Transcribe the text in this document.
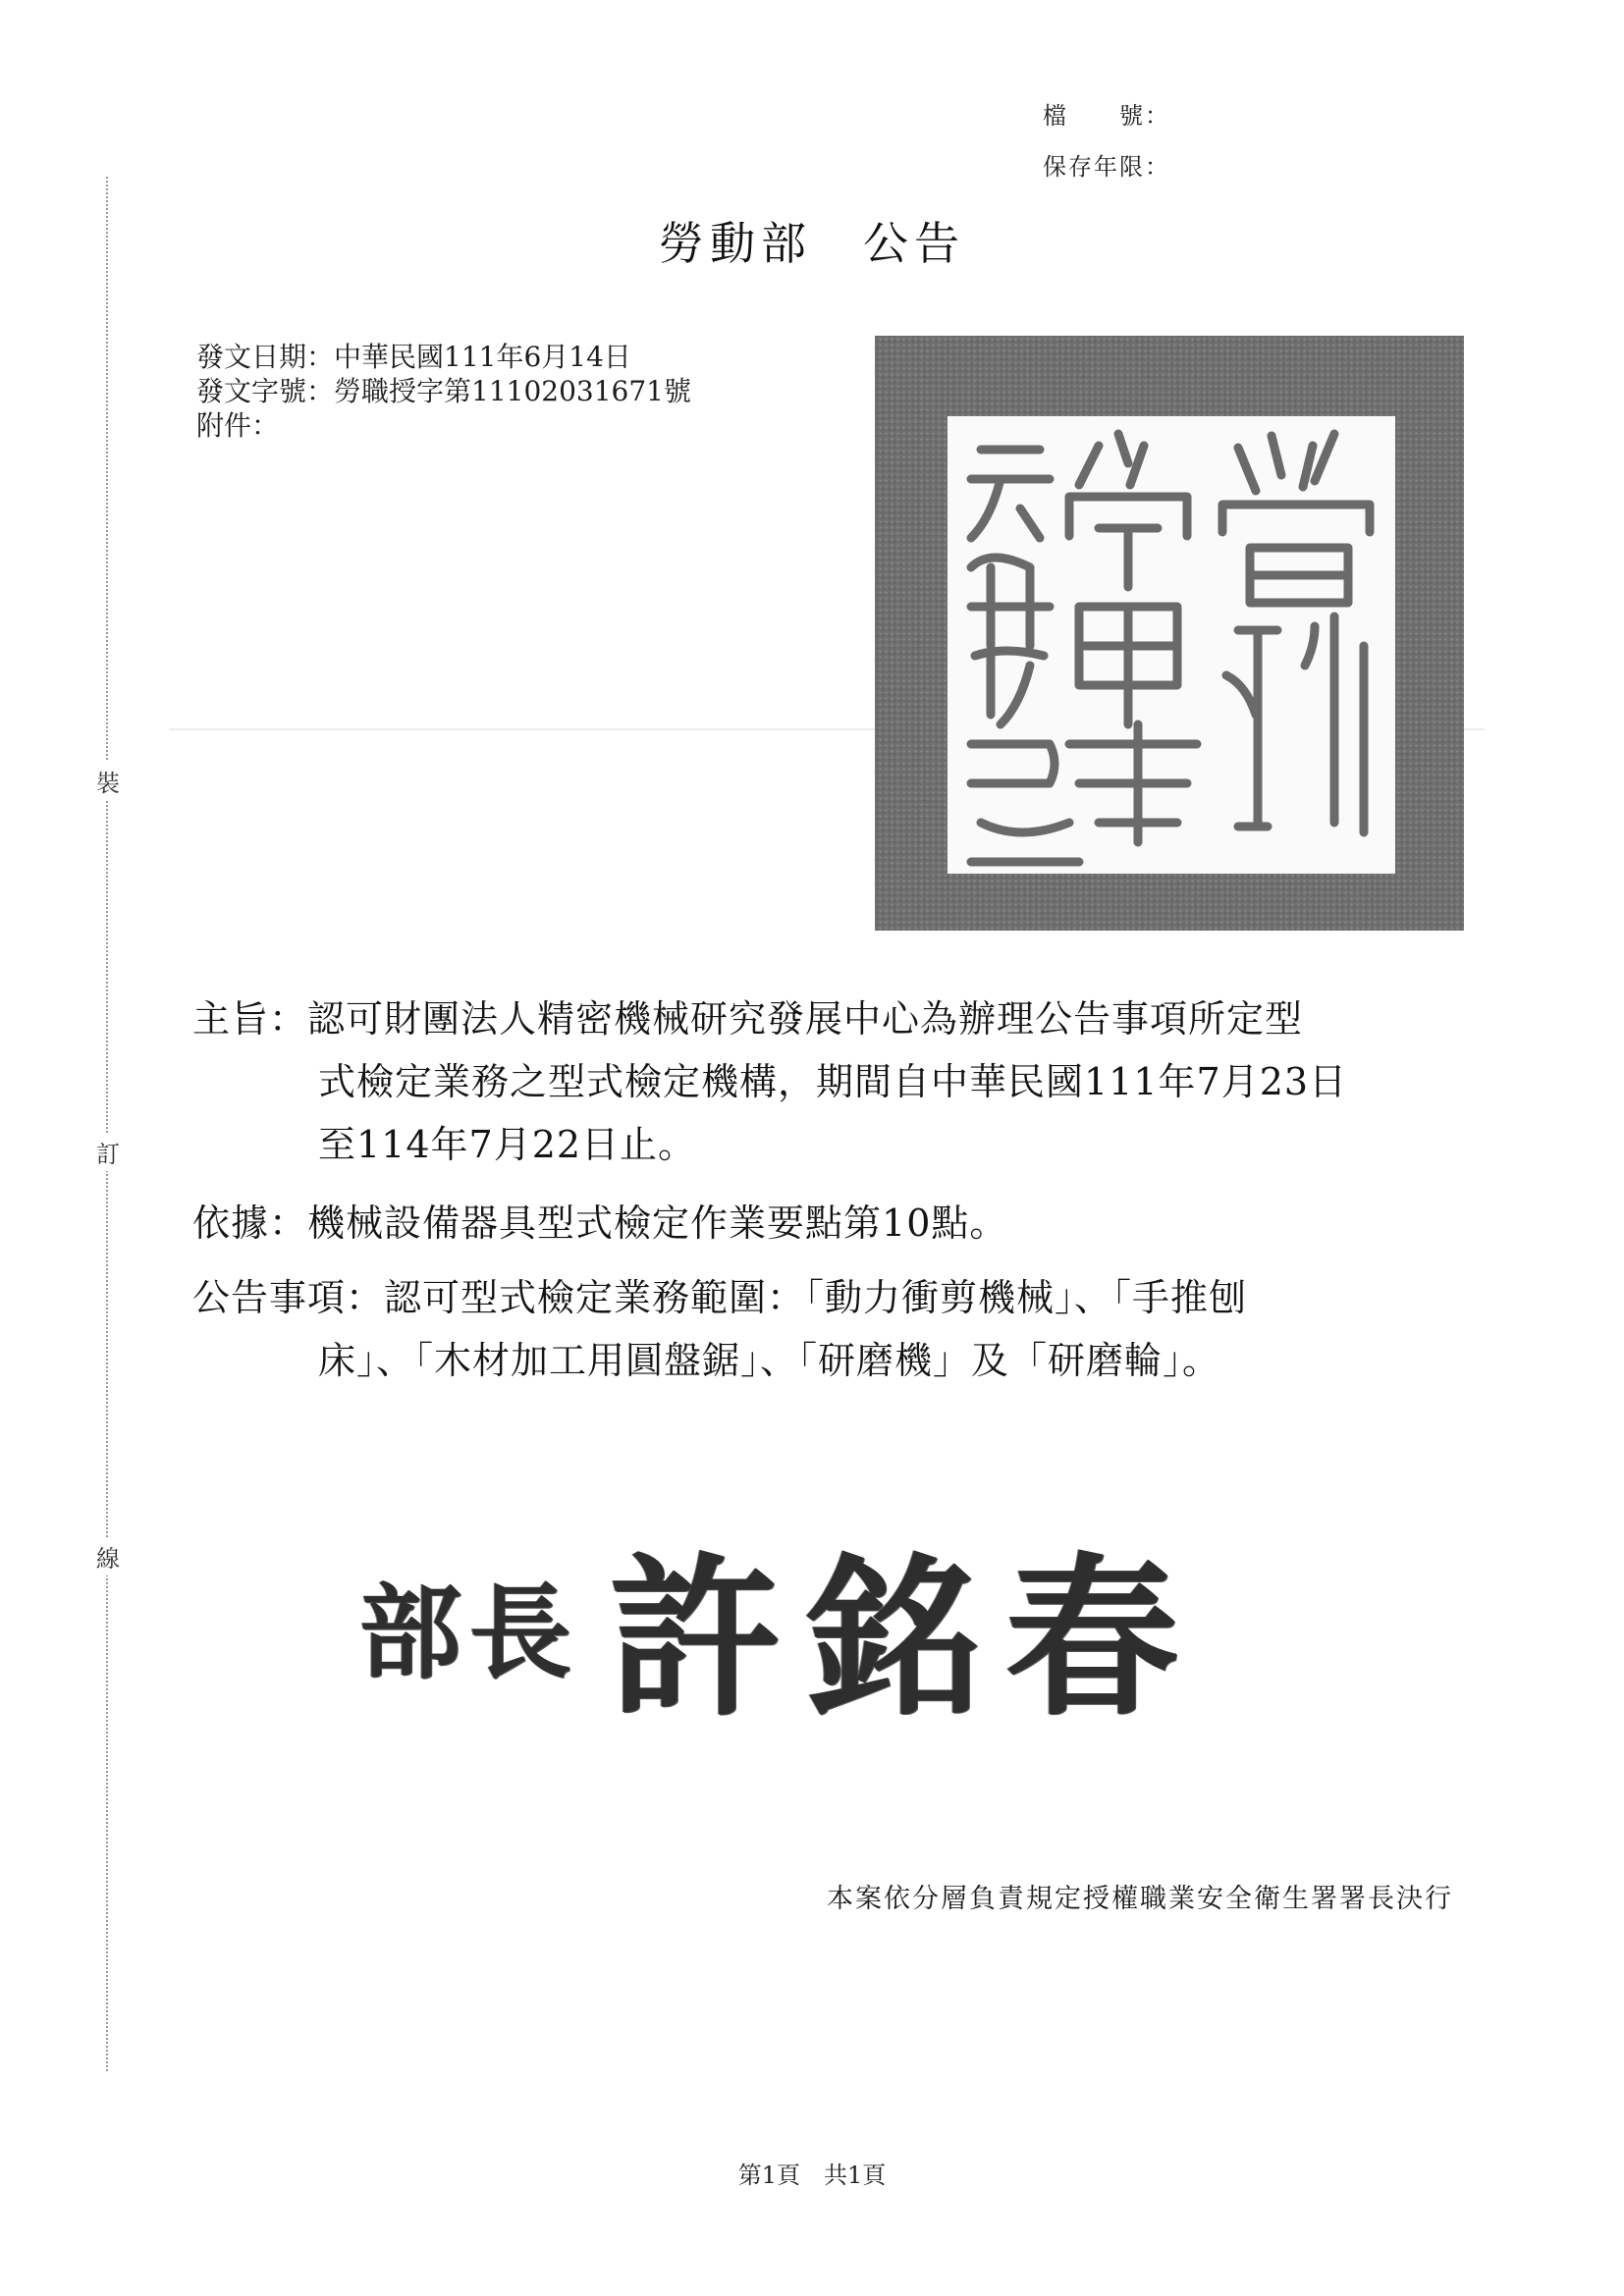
檔　　號：
保存年限：
裝
訂
線
勞動部　公告
發文日期：中華民國111年6月14日
發文字號：勞職授字第11102031671號
附件：
主旨：認可財團法人精密機械研究發展中心為辦理公告事項所定型
式檢定業務之型式檢定機構，期間自中華民國111年7月23日
至114年7月22日止。
依據：機械設備器具型式檢定作業要點第10點。
公告事項：認可型式檢定業務範圍：「動力衝剪機械」、「手推刨
床」、「木材加工用圓盤鋸」、「研磨機」及「研磨輪」。
部長 許銘春
本案依分層負責規定授權職業安全衛生署署長決行
第1頁　共1頁
